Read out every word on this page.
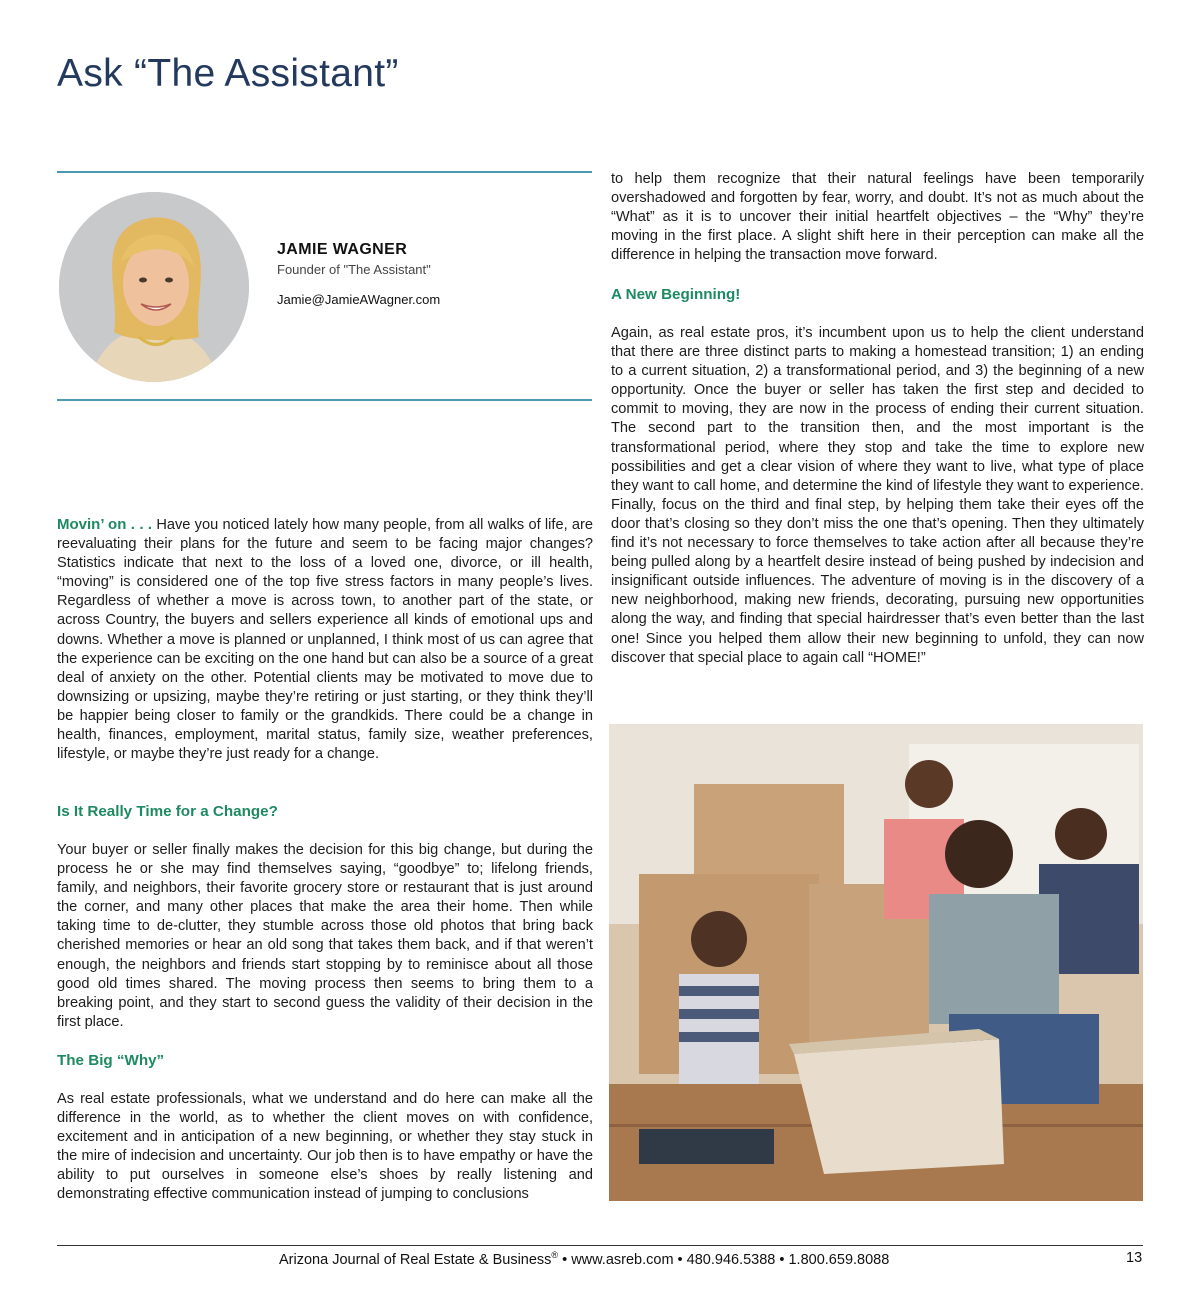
Ask “The Assistant”
JAMIE WAGNER
Founder of "The Assistant"
Jamie@JamieAWagner.com

Movin’ on . . . Have you noticed lately how many people, from all walks of life, are reevaluating their plans for the future and seem to be facing major changes? Statistics indicate that next to the loss of a loved one, divorce, or ill health, “moving” is considered one of the top five stress factors in many people’s lives. Regardless of whether a move is across town, to another part of the state, or across Country, the buyers and sellers experience all kinds of emotional ups and downs. Whether a move is planned or unplanned, I think most of us can agree that the experience can be exciting on the one hand but can also be a source of a great deal of anxiety on the other. Potential clients may be motivated to move due to downsizing or upsizing, maybe they’re retiring or just starting, or they think they’ll be happier being closer to family or the grandkids. There could be a change in health, finances, employment, marital status, family size, weather preferences, lifestyle, or maybe they’re just ready for a change.

Is It Really Time for a Change?

Your buyer or seller finally makes the decision for this big change, but during the process he or she may find themselves saying, “goodbye” to; lifelong friends, family, and neighbors, their favorite grocery store or restaurant that is just around the corner, and many other places that make the area their home. Then while taking time to de-clutter, they stumble across those old photos that bring back cherished memories or hear an old song that takes them back, and if that weren’t enough, the neighbors and friends start stopping by to reminisce about all those good old times shared. The moving process then seems to bring them to a breaking point, and they start to second guess the validity of their decision in the first place.

The Big “Why”

As real estate professionals, what we understand and do here can make all the difference in the world, as to whether the client moves on with confidence, excitement and in anticipation of a new beginning, or whether they stay stuck in the mire of indecision and uncertainty. Our job then is to have empathy or have the ability to put ourselves in someone else’s shoes by really listening and demonstrating effective communication instead of jumping to conclusions

to help them recognize that their natural feelings have been temporarily overshadowed and forgotten by fear, worry, and doubt. It’s not as much about the “What” as it is to uncover their initial heartfelt objectives – the “Why” they’re moving in the first place. A slight shift here in their perception can make all the difference in helping the transaction move forward.

A New Beginning!

Again, as real estate pros, it’s incumbent upon us to help the client understand that there are three distinct parts to making a homestead transition; 1) an ending to a current situation, 2) a transformational period, and 3) the beginning of a new opportunity. Once the buyer or seller has taken the first step and decided to commit to moving, they are now in the process of ending their current situation. The second part to the transition then, and the most important is the transformational period, where they stop and take the time to explore new possibilities and get a clear vision of where they want to live, what type of place they want to call home, and determine the kind of lifestyle they want to experience. Finally, focus on the third and final step, by helping them take their eyes off the door that’s closing so they don’t miss the one that’s opening. Then they ultimately find it’s not necessary to force themselves to take action after all because they’re being pulled along by a heartfelt desire instead of being pushed by indecision and insignificant outside influences. The adventure of moving is in the discovery of a new neighborhood, making new friends, decorating, pursuing new opportunities along the way, and finding that special hairdresser that’s even better than the last one! Since you helped them allow their new beginning to unfold, they can now discover that special place to again call “HOME!”

Arizona Journal of Real Estate & Business® • www.asreb.com • 480.946.5388 • 1.800.659.8088	13
